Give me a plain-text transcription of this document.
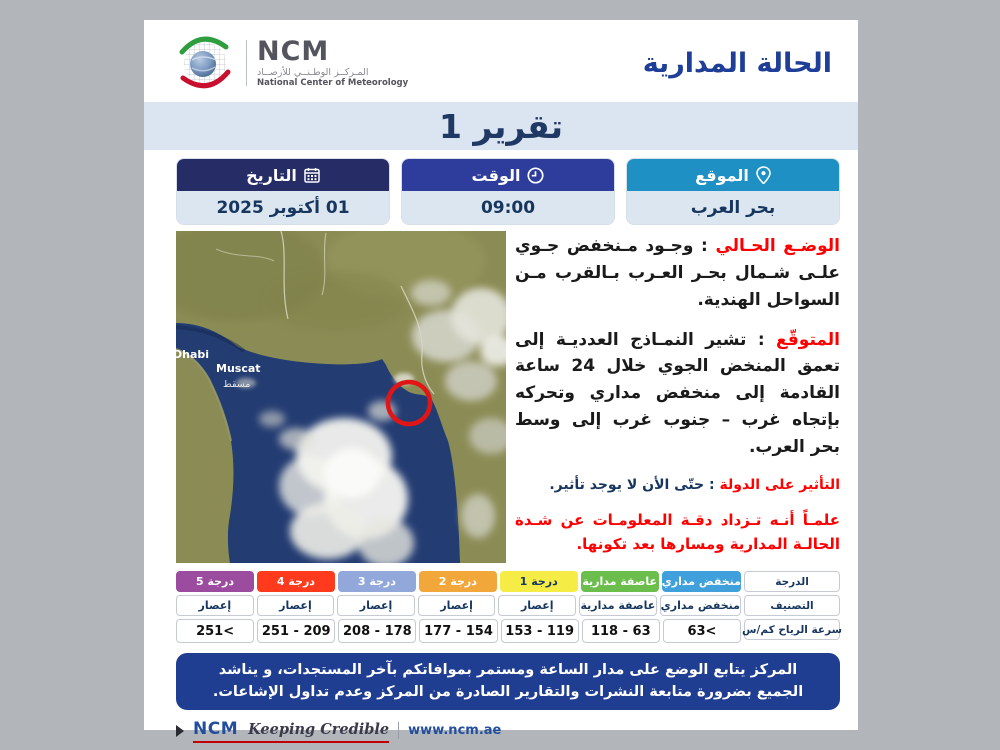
NCM
المـركــز الوطـنــي للأرصــاد
National Center of Meteorology
الحالة المدارية
تقرير 1
الموقع
بحر العرب
الوقت
09:00
التاريخ
01 أكتوبر 2025
Dhabi
Muscat
مسقط

الوضـع الحـالي : وجـود مـنخفض جـوي علـى شـمال بحـر العـرب بـالقرب مـن السواحل الهندية.

المتوقّع : تشير النمـاذج العدديـة إلى تعمق المنخض الجوي خلال 24 ساعة القادمة إلى منخفض مداري وتحركه بإتجاه غرب – جنوب غرب إلى وسط بحر العرب.

التأثير على الدولة : حتّى الأن لا يوجد تأثير.

علمـاً أنـه تـزداد دقـة المعلومـات عن شـدة الحالـة المدارية ومسارها بعد تكونها.

الدرجة
منخفض مداري
عاصفة مدارية
درجة 1
درجة 2
درجة 3
درجة 4
درجة 5
التصنيف
منخفض مداري
عاصفة مدارية
إعصار
إعصار
إعصار
إعصار
إعصار
سرعة الرياح كم/س
63<
118 - 63
153 - 119
177 - 154
208 - 178
251 - 209
251<

المركز يتابع الوضع على مدار الساعة ومستمر بموافاتكم بآخر المستجدات، و يناشد الجميع بضرورة متابعة النشرات والتقارير الصادرة من المركز وعدم تداول الإشاعات.

NCM Keeping Credible www.ncm.ae
